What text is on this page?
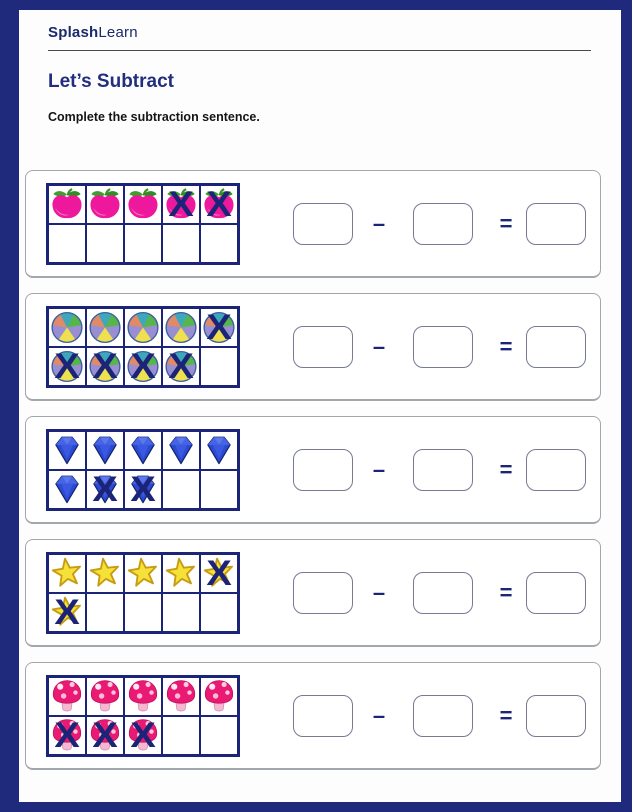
SplashLearn
Let’s Subtract
Complete the subtraction sentence.
X X	–	=
X
X X X X
–	=
X X
–	=
X
X
–	=
X X X
–	=
